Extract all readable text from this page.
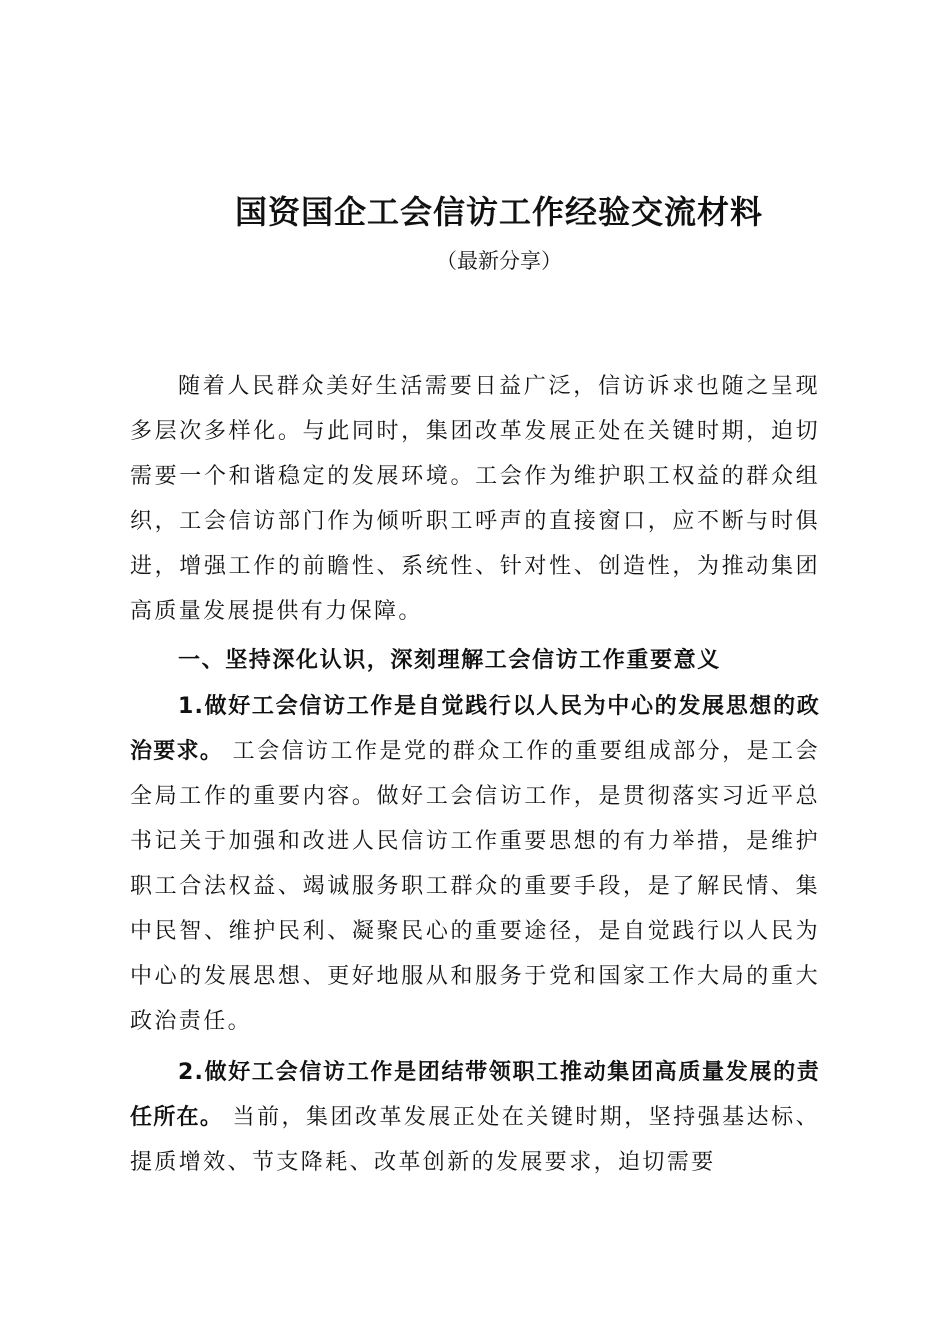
国资国企工会信访工作经验交流材料
（最新分享）

随着人民群众美好生活需要日益广泛，信访诉求也随之呈现多层次多样化。与此同时，集团改革发展正处在关键时期，迫切需要一个和谐稳定的发展环境。工会作为维护职工权益的群众组织，工会信访部门作为倾听职工呼声的直接窗口，应不断与时俱进，增强工作的前瞻性、系统性、针对性、创造性，为推动集团高质量发展提供有力保障。

一、坚持深化认识，深刻理解工会信访工作重要意义

1.做好工会信访工作是自觉践行以人民为中心的发展思想的政治要求。 工会信访工作是党的群众工作的重要组成部分，是工会全局工作的重要内容。做好工会信访工作，是贯彻落实习近平总书记关于加强和改进人民信访工作重要思想的有力举措，是维护职工合法权益、竭诚服务职工群众的重要手段，是了解民情、集中民智、维护民利、凝聚民心的重要途径，是自觉践行以人民为中心的发展思想、更好地服从和服务于党和国家工作大局的重大政治责任。

2.做好工会信访工作是团结带领职工推动集团高质量发展的责任所在。 当前，集团改革发展正处在关键时期，坚持强基达标、提质增效、节支降耗、改革创新的发展要求，迫切需要
